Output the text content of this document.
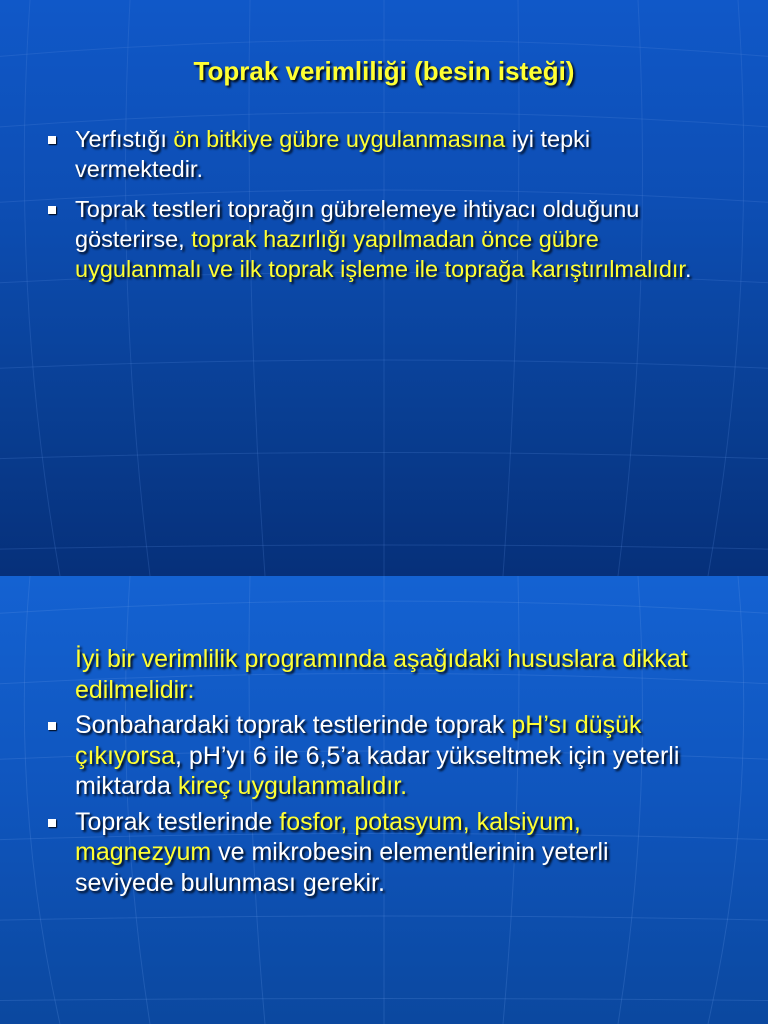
Toprak verimliliği (besin isteği)
Yerfıstığı ön bitkiye gübre uygulanmasına iyi tepki vermektedir.
Toprak testleri toprağın gübrelemeye ihtiyacı olduğunu gösterirse, toprak hazırlığı yapılmadan önce gübre uygulanmalı ve ilk toprak işleme ile toprağa karıştırılmalıdır.
İyi bir verimlilik programında aşağıdaki hususlara dikkat edilmelidir:
Sonbahardaki toprak testlerinde toprak pH’sı düşük çıkıyorsa, pH’yı 6 ile 6,5’a kadar yükseltmek için yeterli miktarda kireç uygulanmalıdır.
Toprak testlerinde fosfor, potasyum, kalsiyum, magnezyum ve mikrobesin elementlerinin yeterli seviyede bulunması gerekir.
